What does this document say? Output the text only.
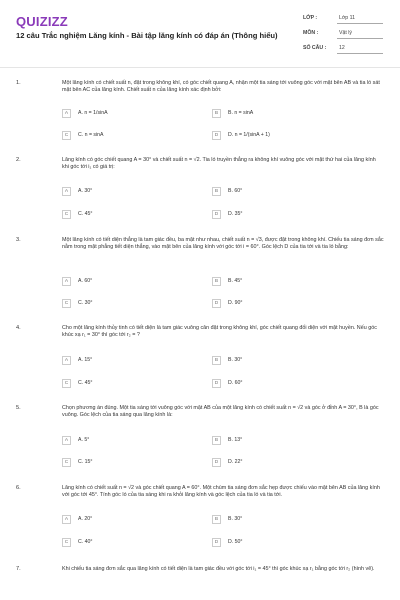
QUIZIZZ
12 câu Trắc nghiệm Lăng kính - Bài tập lăng kính có đáp án (Thông hiểu)
LỚP :	Lớp 11
MÔN :	Vật lý
SỐ CÂU :	12
1.	Một lăng kính có chiết suất n, đặt trong không khí, có góc chiết quang A, nhận một tia sáng tới vuông góc với mặt bên AB và tia ló sát mặt bên AC của lăng kính. Chiết suất n của lăng kính xác định bởi:
A	A. n = 1/sinA	B	B. n = sinA
C	C. n = sinA	D	D. n = 1/(sinA + 1)
2.	Lăng kính có góc chiết quang A = 30° và chiết suất n = √2. Tia ló truyền thẳng ra không khí vuông góc với mặt thứ hai của lăng kính khi góc tới i₁ có giá trị:
A	A. 30°	B	B. 60°
C	C. 45°	D	D. 35°
3.	Một lăng kính có tiết diện thẳng là tam giác đều, ba mặt như nhau, chiết suất n = √3, được đặt trong không khí. Chiếu tia sáng đơn sắc nằm trong mặt phẳng tiết diện thẳng, vào mặt bên của lăng kính với góc tới i = 60°. Góc lệch D của tia tới và tia ló bằng:
A	A. 60°	B	B. 45°
C	C. 30°	D	D. 90°
4.	Cho một lăng kính thủy tinh có tiết diện là tam giác vuông cân đặt trong không khí, góc chiết quang đối diện với mặt huyền. Nếu góc khúc xạ r₁ = 30° thì góc tới r₂ = ?
A	A. 15°	B	B. 30°
C	C. 45°	D	D. 60°
5.	Chọn phương án đúng. Một tia sáng tới vuông góc với mặt AB của một lăng kính có chiết suất n = √2 và góc ở đỉnh A = 30°, B là góc vuông. Góc lệch của tia sáng qua lăng kính là:
A	A. 5°	B	B. 13°
C	C. 15°	D	D. 22°
6.	Lăng kính có chiết suất n = √2 và góc chiết quang A = 60°. Một chùm tia sáng đơn sắc hẹp được chiếu vào mặt bên AB của lăng kính với góc tới 45°. Tính góc ló của tia sáng khi ra khỏi lăng kính và góc lệch của tia ló và tia tới.
A	A. 20°	B	B. 30°
C	C. 40°	D	D. 50°
7.	Khi chiếu tia sáng đơn sắc qua lăng kính có tiết diện là tam giác đều với góc tới i₁ = 45° thì góc khúc xạ r₁ bằng góc tới r₂ (hình vẽ).
